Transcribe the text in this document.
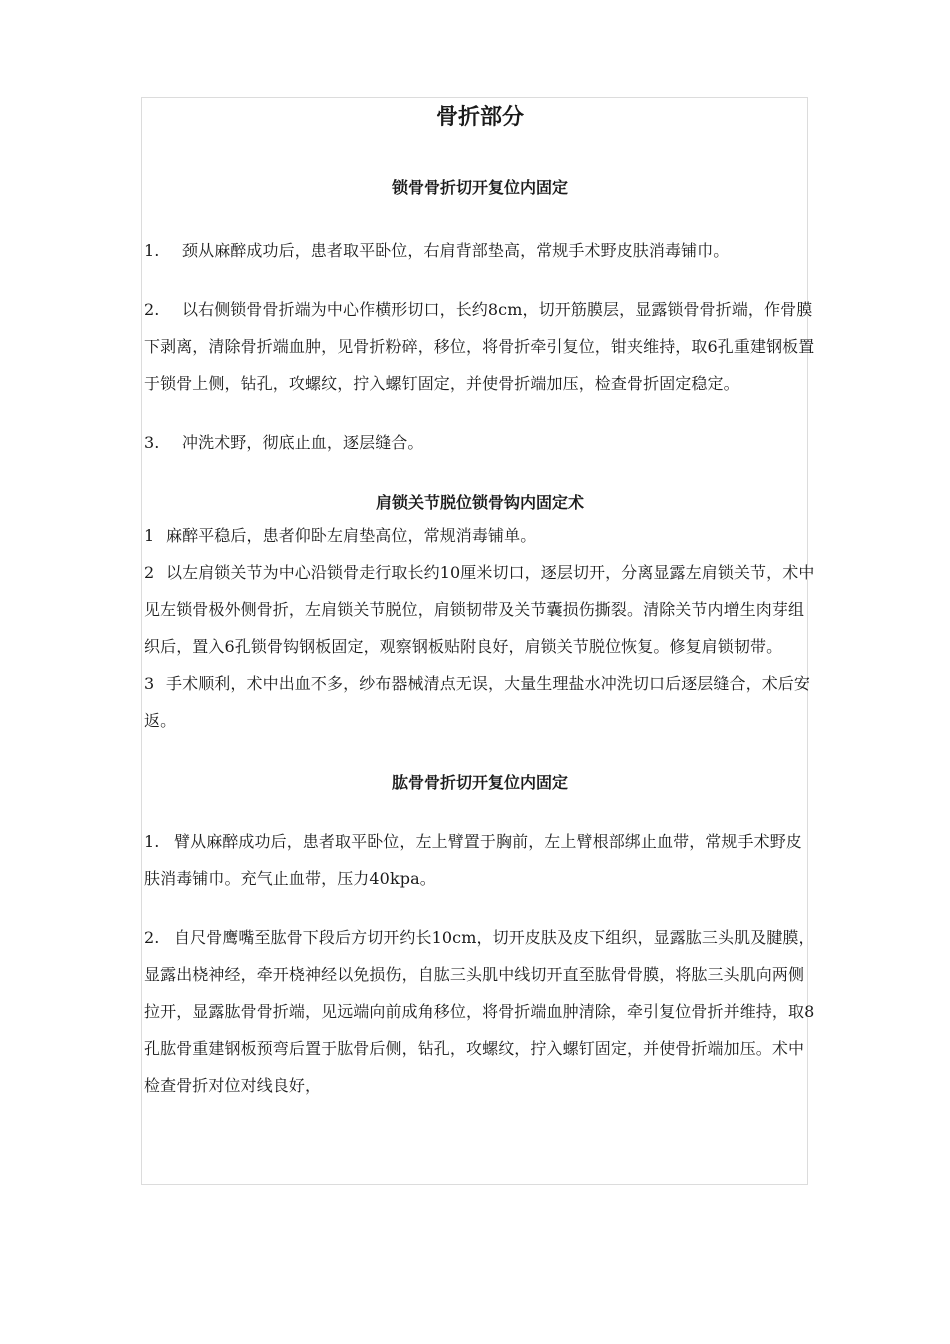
骨折部分
锁骨骨折切开复位内固定

1. 颈从麻醉成功后，患者取平卧位，右肩背部垫高，常规手术野皮肤消毒铺巾。

2. 以右侧锁骨骨折端为中心作横形切口，长约8cm，切开筋膜层，显露锁骨骨折端，作骨膜下剥离，清除骨折端血肿，见骨折粉碎，移位，将骨折牵引复位，钳夹维持，取6孔重建钢板置于锁骨上侧，钻孔，攻螺纹，拧入螺钉固定，并使骨折端加压，检查骨折固定稳定。

3. 冲洗术野，彻底止血，逐层缝合。

肩锁关节脱位锁骨钩内固定术

1 麻醉平稳后，患者仰卧左肩垫高位，常规消毒铺单。

2 以左肩锁关节为中心沿锁骨走行取长约10厘米切口，逐层切开，分离显露左肩锁关节，术中见左锁骨极外侧骨折，左肩锁关节脱位，肩锁韧带及关节囊损伤撕裂。清除关节内增生肉芽组织后，置入6孔锁骨钩钢板固定，观察钢板贴附良好，肩锁关节脱位恢复。修复肩锁韧带。

3 手术顺利，术中出血不多，纱布器械清点无误，大量生理盐水冲洗切口后逐层缝合，术后安返。

肱骨骨折切开复位内固定

1. 臂从麻醉成功后，患者取平卧位，左上臂置于胸前，左上臂根部绑止血带，常规手术野皮肤消毒铺巾。充气止血带，压力40kpa。

2. 自尺骨鹰嘴至肱骨下段后方切开约长10cm，切开皮肤及皮下组织，显露肱三头肌及腱膜，显露出桡神经，牵开桡神经以免损伤，自肱三头肌中线切开直至肱骨骨膜，将肱三头肌向两侧拉开，显露肱骨骨折端，见远端向前成角移位，将骨折端血肿清除，牵引复位骨折并维持，取8孔肱骨重建钢板预弯后置于肱骨后侧，钻孔，攻螺纹，拧入螺钉固定，并使骨折端加压。术中检查骨折对位对线良好，
